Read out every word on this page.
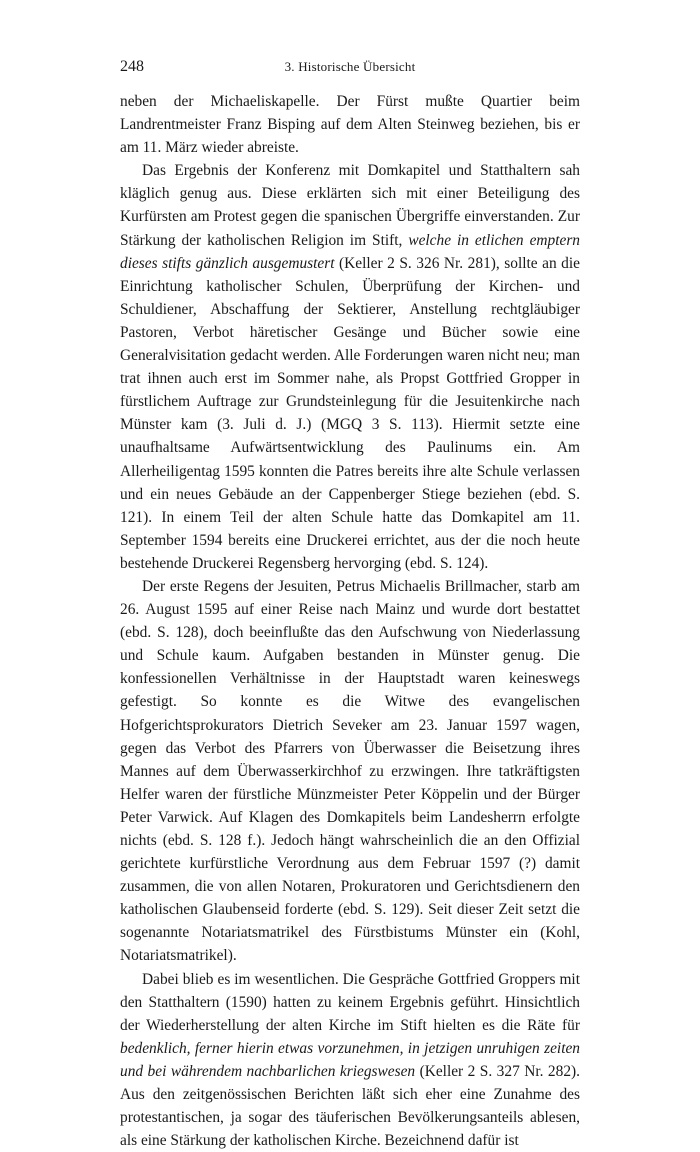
248	3. Historische Übersicht

neben der Michaeliskapelle. Der Fürst mußte Quartier beim Landrentmeister Franz Bisping auf dem Alten Steinweg beziehen, bis er am 11. März wieder abreiste.

Das Ergebnis der Konferenz mit Domkapitel und Statthaltern sah kläglich genug aus. Diese erklärten sich mit einer Beteiligung des Kurfürsten am Protest gegen die spanischen Übergriffe einverstanden. Zur Stärkung der katholischen Religion im Stift, welche in etlichen emptern dieses stifts gänzlich ausgemustert (Keller 2 S. 326 Nr. 281), sollte an die Einrichtung katholischer Schulen, Überprüfung der Kirchen- und Schuldiener, Abschaffung der Sektierer, Anstellung rechtgläubiger Pastoren, Verbot häretischer Gesänge und Bücher sowie eine Generalvisitation gedacht werden. Alle Forderungen waren nicht neu; man trat ihnen auch erst im Sommer nahe, als Propst Gottfried Gropper in fürstlichem Auftrage zur Grundsteinlegung für die Jesuitenkirche nach Münster kam (3. Juli d. J.) (MGQ 3 S. 113). Hiermit setzte eine unaufhaltsame Aufwärtsentwicklung des Paulinums ein. Am Allerheiligentag 1595 konnten die Patres bereits ihre alte Schule verlassen und ein neues Gebäude an der Cappenberger Stiege beziehen (ebd. S. 121). In einem Teil der alten Schule hatte das Domkapitel am 11. September 1594 bereits eine Druckerei errichtet, aus der die noch heute bestehende Druckerei Regensberg hervorging (ebd. S. 124).

Der erste Regens der Jesuiten, Petrus Michaelis Brillmacher, starb am 26. August 1595 auf einer Reise nach Mainz und wurde dort bestattet (ebd. S. 128), doch beeinflußte das den Aufschwung von Niederlassung und Schule kaum. Aufgaben bestanden in Münster genug. Die konfessionellen Verhältnisse in der Hauptstadt waren keineswegs gefestigt. So konnte es die Witwe des evangelischen Hofgerichtsprokurators Dietrich Seveker am 23. Januar 1597 wagen, gegen das Verbot des Pfarrers von Überwasser die Beisetzung ihres Mannes auf dem Überwasserkirchhof zu erzwingen. Ihre tatkräftigsten Helfer waren der fürstliche Münzmeister Peter Köppelin und der Bürger Peter Varwick. Auf Klagen des Domkapitels beim Landesherrn erfolgte nichts (ebd. S. 128 f.). Jedoch hängt wahrscheinlich die an den Offizial gerichtete kurfürstliche Verordnung aus dem Februar 1597 (?) damit zusammen, die von allen Notaren, Prokuratoren und Gerichtsdienern den katholischen Glaubenseid forderte (ebd. S. 129). Seit dieser Zeit setzt die sogenannte Notariatsmatrikel des Fürstbistums Münster ein (Kohl, Notariatsmatrikel).

Dabei blieb es im wesentlichen. Die Gespräche Gottfried Groppers mit den Statthaltern (1590) hatten zu keinem Ergebnis geführt. Hinsichtlich der Wiederherstellung der alten Kirche im Stift hielten es die Räte für bedenklich, ferner hierin etwas vorzunehmen, in jetzigen unruhigen zeiten und bei währendem nachbarlichen kriegswesen (Keller 2 S. 327 Nr. 282). Aus den zeitgenössischen Berichten läßt sich eher eine Zunahme des protestantischen, ja sogar des täuferischen Bevölkerungsanteils ablesen, als eine Stärkung der katholischen Kirche. Bezeichnend dafür ist
